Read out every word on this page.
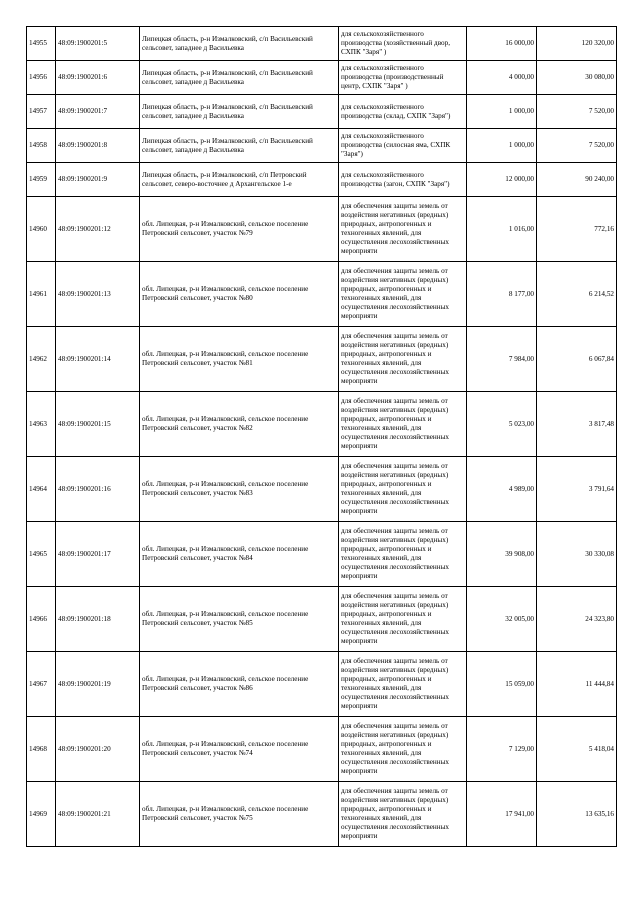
14955	48:09:1900201:5	Липецкая область, р-н Измалковский, с/п Васильевский сельсовет, западнее д Васильевка	для сельскохозяйственного производства (хозяйственный двор, СХПК "Заря" )	16 000,00	120 320,00
14956	48:09:1900201:6	Липецкая область, р-н Измалковский, с/п Васильевский сельсовет, западнее д Васильевка	для сельскохозяйственного производства (производственный центр, СХПК "Заря" )	4 000,00	30 080,00
14957	48:09:1900201:7	Липецкая область, р-н Измалковский, с/п Васильевский сельсовет, западнее д Васильевка	для сельскохозяйственного производства (склад, СХПК "Заря")	1 000,00	7 520,00
14958	48:09:1900201:8	Липецкая область, р-н Измалковский, с/п Васильевский сельсовет, западнее д Васильевка	для сельскохозяйственного производства (силосная яма, СХПК "Заря")	1 000,00	7 520,00
14959	48:09:1900201:9	Липецкая область, р-н Измалковский, с/п Петровский сельсовет, северо-восточнее д Архангельское 1-е	для сельскохозяйственного производства (загон, СХПК "Заря")	12 000,00	90 240,00
14960	48:09:1900201:12	обл. Липецкая, р-н Измалковский, сельское поселение Петровский сельсовет, участок №79	для обеспечения защиты земель от воздействия негативных (вредных) природных, антропогенных и техногенных явлений, для осуществления лесохозяйственных мероприяти	1 016,00	772,16
14961	48:09:1900201:13	обл. Липецкая, р-н Измалковский, сельское поселение Петровский сельсовет, участок №80	для обеспечения защиты земель от воздействия негативных (вредных) природных, антропогенных и техногенных явлений, для осуществления лесохозяйственных мероприяти	8 177,00	6 214,52
14962	48:09:1900201:14	обл. Липецкая, р-н Измалковский, сельское поселение Петровский сельсовет, участок №81	для обеспечения защиты земель от воздействия негативных (вредных) природных, антропогенных и техногенных явлений, для осуществления лесохозяйственных мероприяти	7 984,00	6 067,84
14963	48:09:1900201:15	обл. Липецкая, р-н Измалковский, сельское поселение Петровский сельсовет, участок №82	для обеспечения защиты земель от воздействия негативных (вредных) природных, антропогенных и техногенных явлений, для осуществления лесохозяйственных мероприяти	5 023,00	3 817,48
14964	48:09:1900201:16	обл. Липецкая, р-н Измалковский, сельское поселение Петровский сельсовет, участок №83	для обеспечения защиты земель от воздействия негативных (вредных) природных, антропогенных и техногенных явлений, для осуществления лесохозяйственных мероприяти	4 989,00	3 791,64
14965	48:09:1900201:17	обл. Липецкая, р-н Измалковский, сельское поселение Петровский сельсовет, участок №84	для обеспечения защиты земель от воздействия негативных (вредных) природных, антропогенных и техногенных явлений, для осуществления лесохозяйственных мероприяти	39 908,00	30 330,08
14966	48:09:1900201:18	обл. Липецкая, р-н Измалковский, сельское поселение Петровский сельсовет, участок №85	для обеспечения защиты земель от воздействия негативных (вредных) природных, антропогенных и техногенных явлений, для осуществления лесохозяйственных мероприяти	32 005,00	24 323,80
14967	48:09:1900201:19	обл. Липецкая, р-н Измалковский, сельское поселение Петровский сельсовет, участок №86	для обеспечения защиты земель от воздействия негативных (вредных) природных, антропогенных и техногенных явлений, для осуществления лесохозяйственных мероприяти	15 059,00	11 444,84
14968	48:09:1900201:20	обл. Липецкая, р-н Измалковский, сельское поселение Петровский сельсовет, участок №74	для обеспечения защиты земель от воздействия негативных (вредных) природных, антропогенных и техногенных явлений, для осуществления лесохозяйственных мероприяти	7 129,00	5 418,04
14969	48:09:1900201:21	обл. Липецкая, р-н Измалковский, сельское поселение Петровский сельсовет, участок №75	для обеспечения защиты земель от воздействия негативных (вредных) природных, антропогенных и техногенных явлений, для осуществления лесохозяйственных мероприяти	17 941,00	13 635,16
